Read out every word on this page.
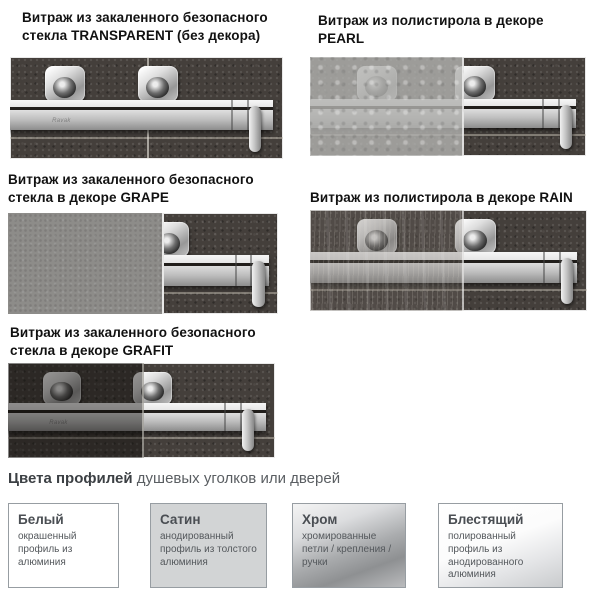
Витраж из закаленного безопасного стекла TRANSPARENT (без декора)
Витраж из полистирола в декоре PEARL
Ravak
Витраж из закаленного безопасного стекла в декоре GRAPE	Витраж из полистирола в декоре RAIN
Витраж из закаленного безопасного стекла в декоре GRAFIT
Ravak
Цвета профилей душевых уголков или дверей
Белый
окрашенный профиль из алюминия
Сатин
анодированный профиль из толстого алюминия
Хром
хромированные петли / крепления / ручки
Блестящий
полированный профиль из анодированного алюминия
